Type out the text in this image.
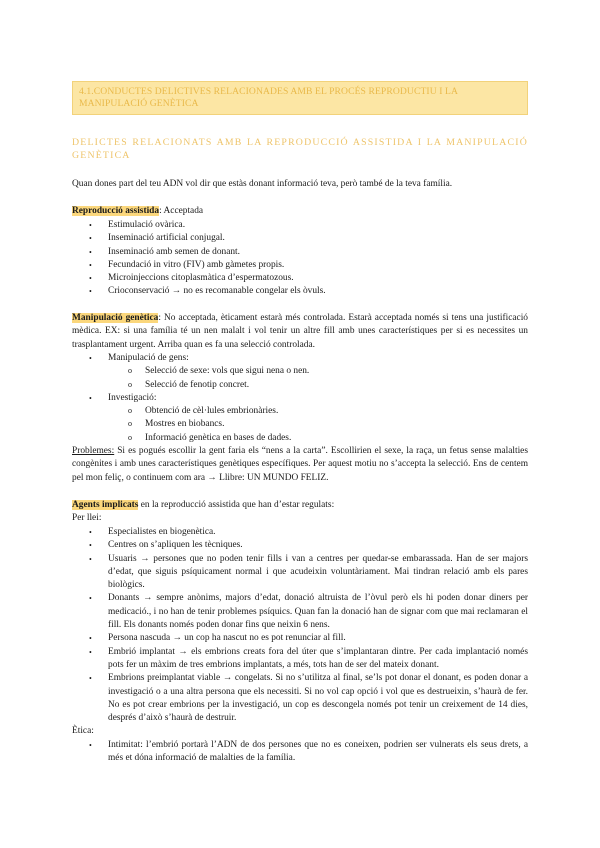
4.1.CONDUCTES DELICTIVES RELACIONADES AMB EL PROCÉS REPRODUCTIU I LA MANIPULACIÓ GENÈTICA
DELICTES RELACIONATS AMB LA REPRODUCCIÓ ASSISTIDA I LA MANIPULACIÓ GENÈTICA
Quan dones part del teu ADN vol dir que estàs donant informació teva, però també de la teva família.
Reproducció assistida: Acceptada
• Estimulació ovàrica.
• Inseminació artificial conjugal.
• Inseminació amb semen de donant.
• Fecundació in vitro (FIV) amb gàmetes propis.
• Microinjeccions citoplasmàtica d’espermatozous.
• Crioconservació → no es recomanable congelar els òvuls.
Manipulació genètica: No acceptada, èticament estarà més controlada. Estarà acceptada només si tens una justificació mèdica. EX: si una família té un nen malalt i vol tenir un altre fill amb unes característiques per si es necessites un trasplantament urgent. Arriba quan es fa una selecció controlada.
• Manipulació de gens:
o Selecció de sexe: vols que sigui nena o nen.
o Selecció de fenotip concret.
• Investigació:
o Obtenció de cèl·lules embrionàries.
o Mostres en biobancs.
o Informació genètica en bases de dades.
Problemes: Si es pogués escollir la gent faria els “nens a la carta”. Escollirien el sexe, la raça, un fetus sense malalties congènites i amb unes característiques genètiques específiques. Per aquest motiu no s’accepta la selecció. Ens de centem pel mon feliç, o continuem com ara → Llibre: UN MUNDO FELIZ.
Agents implicats en la reproducció assistida que han d’estar regulats:
Per llei:
• Especialistes en biogenètica.
• Centres on s’apliquen les tècniques.
• Usuaris → persones que no poden tenir fills i van a centres per quedar-se embarassada. Han de ser majors d’edat, que siguis psíquicament normal i que acudeixin voluntàriament. Mai tindran relació amb els pares biològics.
• Donants → sempre anònims, majors d’edat, donació altruista de l’òvul però els hi poden donar diners per medicació., i no han de tenir problemes psíquics. Quan fan la donació han de signar com que mai reclamaran el fill. Els donants només poden donar fins que neixin 6 nens.
• Persona nascuda → un cop ha nascut no es pot renunciar al fill.
• Embrió implantat → els embrions creats fora del úter que s’implantaran dintre. Per cada implantació només pots fer un màxim de tres embrions implantats, a més, tots han de ser del mateix donant.
• Embrions preimplantat viable → congelats. Si no s’utilitza al final, se’ls pot donar el donant, es poden donar a investigació o a una altra persona que els necessiti. Si no vol cap opció i vol que es destrueixin, s’haurà de fer. No es pot crear embrions per la investigació, un cop es descongela només pot tenir un creixement de 14 dies, després d’això s’haurà de destruir.
Ètica:
• Intimitat: l’embrió portarà l’ADN de dos persones que no es coneixen, podrien ser vulnerats els seus drets, a més et dóna informació de malalties de la família.
